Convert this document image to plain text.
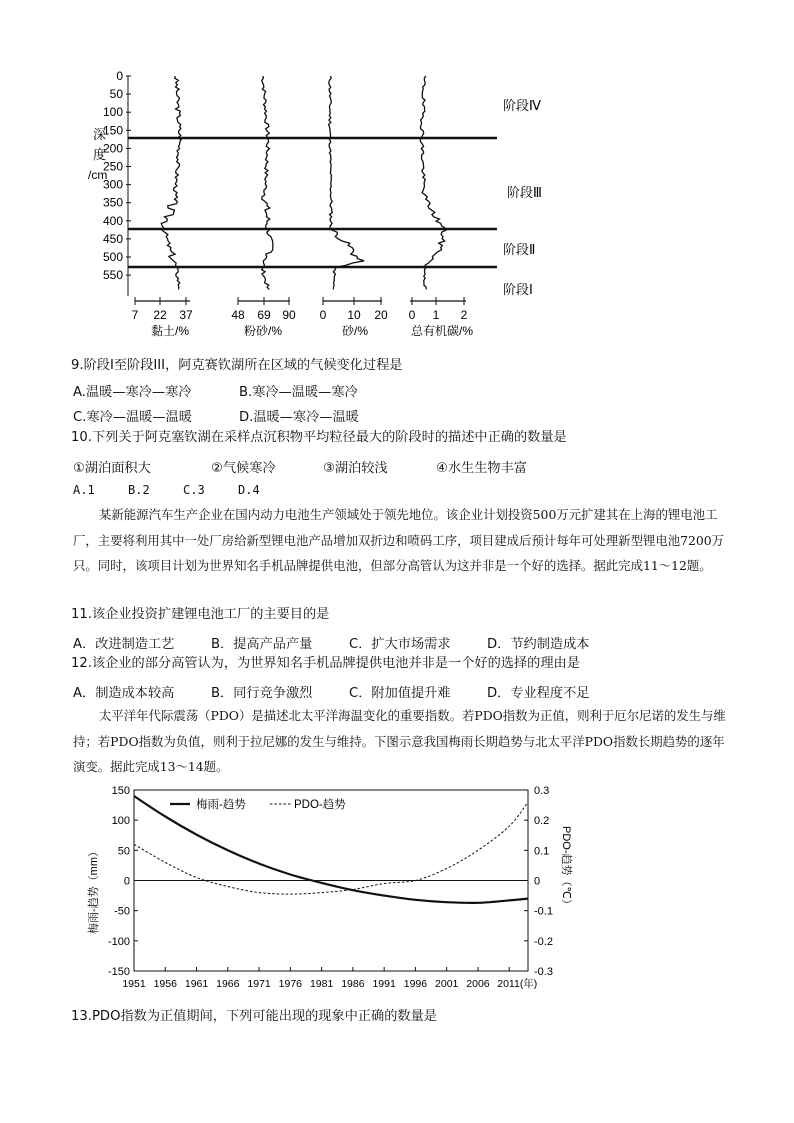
0
50
100
150
200
250
300
350
400
450
500
550
深
度
/cm
阶段Ⅳ
阶段Ⅲ
阶段Ⅱ
阶段Ⅰ
7 22 37
黏土/%
48 69 90
粉砂/%
0 10 20
砂/%
0 1 2
总有机碳/%
9.阶段Ⅰ至阶段III，阿克赛钦湖所在区域的气候变化过程是
A.温暖—寒冷—寒冷	B.寒冷—温暖—寒冷
C.寒冷—温暖—温暖	D.温暖—寒冷—温暖
10.下列关于阿克塞钦湖在采样点沉积物平均粒径最大的阶段时的描述中正确的数量是
①湖泊面积大	②气候寒冷	③湖泊较浅	④水生生物丰富
A.1	B.2	C.3	D.4
某新能源汽车生产企业在国内动力电池生产领域处于领先地位。该企业计划投资500万元扩建其在上海的锂电池工厂，主要将利用其中一处厂房给新型锂电池产品增加双折边和喷码工序，项目建成后预计每年可处理新型锂电池7200万只。同时，该项目计划为世界知名手机品牌提供电池，但部分高管认为这并非是一个好的选择。据此完成11～12题。
11.该企业投资扩建锂电池工厂的主要目的是
A．改进制造工艺	B．提高产品产量	C．扩大市场需求	D．节约制造成本
12.该企业的部分高管认为，为世界知名手机品牌提供电池并非是一个好的选择的理由是
A．制造成本较高	B．同行竞争激烈	C．附加值提升难	D．专业程度不足
太平洋年代际震荡（PDO）是描述北太平洋海温变化的重要指数。若PDO指数为正值，则利于厄尔尼诺的发生与维持；若PDO指数为负值，则利于拉尼娜的发生与维持。下图示意我国梅雨长期趋势与北太平洋PDO指数长期趋势的逐年演变。据此完成13～14题。
150
100
50
0
-50
-100
-150
0.3
0.2
0.1
0
-0.1
-0.2
-0.3
1951 1956 1961 1966 1971 1976 1981 1986 1991 1996 2001 2006 2011(年)
梅雨-趋势	PDO-趋势
梅雨-趋势（mm）	PDO-趋势（℃）
13.PDO指数为正值期间，下列可能出现的现象中正确的数量是
